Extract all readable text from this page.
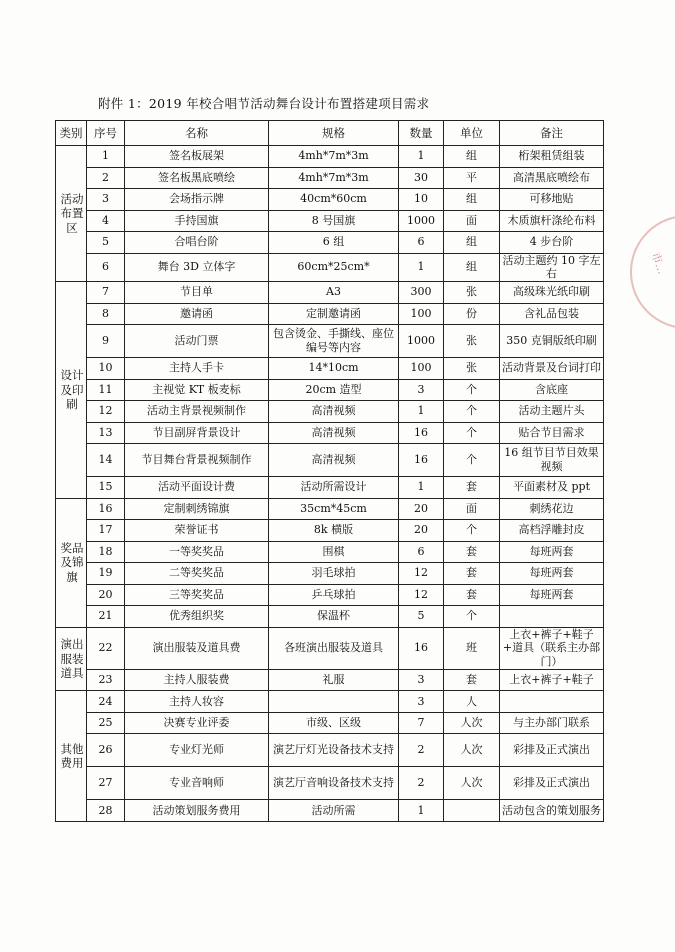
附件 1：2019 年校合唱节活动舞台设计布置搭建项目需求
类别	序号	名称	规格	数量	单位	备注
活动布置区	1	签名板展架	4mh*7m*3m	1	组	桁架租赁组装
	2	签名板黑底喷绘	4mh*7m*3m	30	平	高清黑底喷绘布
	3	会场指示牌	40cm*60cm	10	组	可移地贴
	4	手持国旗	8 号国旗	1000	面	木质旗杆涤纶布料
	5	合唱台阶	6 组	6	组	4 步台阶
	6	舞台 3D 立体字	60cm*25cm*	1	组	活动主题约 10 字左右
设计及印刷	7	节目单	A3	300	张	高级珠光纸印刷
	8	邀请函	定制邀请函	100	份	含礼品包装
	9	活动门票	包含烫金、手撕线、座位编号等内容	1000	张	350 克铜版纸印刷
	10	主持人手卡	14*10cm	100	张	活动背景及台词打印
	11	主视觉 KT 板麦标	20cm 造型	3	个	含底座
	12	活动主背景视频制作	高清视频	1	个	活动主题片头
	13	节目副屏背景设计	高清视频	16	个	贴合节目需求
	14	节目舞台背景视频制作	高清视频	16	个	16 组节目节目效果视频
	15	活动平面设计费	活动所需设计	1	套	平面素材及 ppt
奖品及锦旗	16	定制刺绣锦旗	35cm*45cm	20	面	刺绣花边
	17	荣誉证书	8k 横版	20	个	高档浮雕封皮
	18	一等奖奖品	围棋	6	套	每班两套
	19	二等奖奖品	羽毛球拍	12	套	每班两套
	20	三等奖奖品	乒乓球拍	12	套	每班两套
	21	优秀组织奖	保温杯	5	个	
演出服装道具	22	演出服装及道具费	各班演出服装及道具	16	班	上衣+裤子+鞋子+道具（联系主办部门）
	23	主持人服装费	礼服	3	套	上衣+裤子+鞋子
其他费用	24	主持人妆容		3	人	
	25	决赛专业评委	市级、区级	7	人次	与主办部门联系
	26	专业灯光师	演艺厅灯光设备技术支持	2	人次	彩排及正式演出
	27	专业音响师	演艺厅音响设备技术支持	2	人次	彩排及正式演出
	28	活动策划服务费用	活动所需	1		活动包含的策划服务
市…
